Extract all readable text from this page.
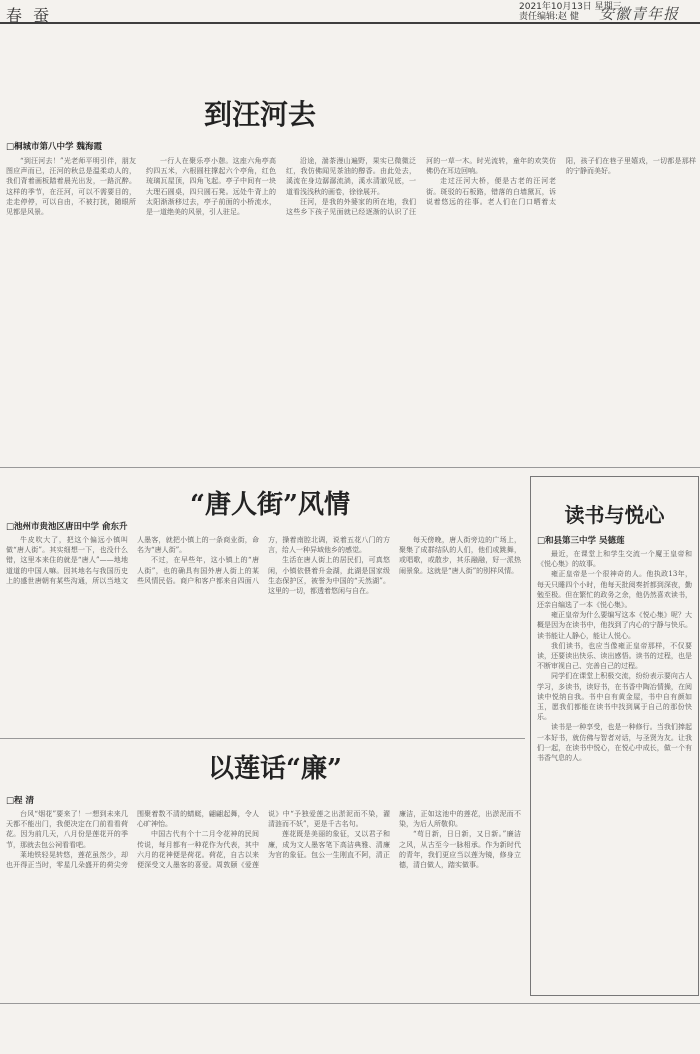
春 蚕	2021年10月13日 星期三
责任编辑:赵 健	安徽青年报
到汪河去
□桐城市第八中学 魏海霞

“到汪河去！”光老师平明引伴，朋友图应声而已，汪河的秋总是温柔动人的，我们背着画板踏着晨光出发，一路沉醉。这样的季节，在汪河，可以不需要目的，走走停停，可以自由，不被打扰，随眼所见都是风景。

一行人在聚乐亭小憩。这座六角亭高约四五米，六根圆柱撑起六个亭角，红色琉璃瓦屋顶，四角飞起。亭子中间有一块大理石圆桌，四只圆石凳。远处牛背上的太阳渐渐移过去，亭子前面的小桥流水，是一道绝美的风景，引人驻足。

沿途，湍茶漫山遍野，果实已微微泛红，我仿佛闻见茶油的醇香。由此处去，溪流在身边潺潺流淌，溪水清澈见底，一道看浅浅秋的画卷，徐徐展开。

汪河，是我的外婆家的所在地，我们这些乡下孩子见面就已经逐渐的认识了汪河的一草一木。时光流转，童年的欢笑仿佛仍在耳边回响。

走过汪河大桥，便是古老的汪河老街。斑驳的石板路，错落的白墙黛瓦，诉说着悠远的往事。老人们在门口晒着太阳，孩子们在巷子里嬉戏，一切都是那样的宁静而美好。

“唐人街”风情
□池州市贵池区唐田中学 俞东升

牛皮吹大了，把这个偏远小镇叫做“唐人街”。其实细想一下，也没什么错，这里本来住的就是“唐人”——地地道道的中国人嘛。因其地名与我国历史上的盛世唐朝有某些沟通，所以当地文人墨客，就把小镇上的一条商业街，命名为“唐人街”。

不过，在早些年，这小镇上的“唐人街”，也的确具有国外唐人街上的某些风情民俗。商户和客户都来自四面八方，操着南腔北调，说着五花八门的方言，给人一种异域他乡的感觉。

生活在唐人街上的居民们，可真悠闲，小镇依偎着升金湖，此湖是国家级生态保护区，被誉为中国的“天然湖”。这里的一切，都透着悠闲与自在。

每天傍晚，唐人街旁边的广场上，聚集了成群结队的人们，他们或跳舞，或唱歌，或散步，其乐融融，好一派热闹景象。这就是“唐人街”的别样风情。

以莲话“廉”
□程 清

台风“烟花”要来了！一想到未来几天都不能出门，我便决定在门前看看荷花。因为前几天，八月份是莲花开的季节，那就去包公祠看看吧。

莱地铁轻晃转悠，莲花虽然少，却也开得正当时，零星几朵盛开的荷尖旁围聚着数不清的蜻蜓，翩翩起舞，令人心旷神怡。

中国古代有个十二月令花神的民间传说，每月都有一种花作为代表，其中六月的花神便是荷花。荷花，自古以来便深受文人墨客的喜爱。周敦颐《爱莲说》中“予独爱莲之出淤泥而不染，濯清涟而不妖”，更是千古名句。

莲花既是美丽的象征，又以君子和廉，成为文人墨客笔下高洁典雅、清廉为官的象征。包公一生刚直不阿，清正廉洁，正如这池中的莲花，出淤泥而不染，为后人所敬仰。

“苟日新，日日新，又日新。”廉洁之风，从古至今一脉相承。作为新时代的青年，我们更应当以莲为镜，修身立德，清白做人，踏实做事。

读书与悦心
□和县第三中学 吴德莲

最近，在课堂上和学生交流一个魔王皇帝和《悦心集》的故事。

雍正皇帝是一个很神奇的人。他执政13年，每天只睡四个小时，他每天批阅奏折都到深夜，勤勉至极。但在繁忙的政务之余，他仍然喜欢读书，还亲自编选了一本《悦心集》。

雍正皇帝为什么要编写这本《悦心集》呢？大概是因为在读书中，他找到了内心的宁静与快乐。读书能让人静心，能让人悦心。

我们读书，也应当像雍正皇帝那样，不仅要读，还要读出快乐、读出感悟。读书的过程，也是不断审视自己、完善自己的过程。

同学们在课堂上积极交流，纷纷表示要向古人学习，多读书，读好书，在书香中陶冶情操，在阅读中悦纳自我。书中自有黄金屋，书中自有颜如玉，愿我们都能在读书中找到属于自己的那份快乐。

读书是一种享受，也是一种修行。当我们捧起一本好书，就仿佛与智者对话，与圣贤为友。让我们一起，在读书中悦心，在悦心中成长，做一个有书香气息的人。
